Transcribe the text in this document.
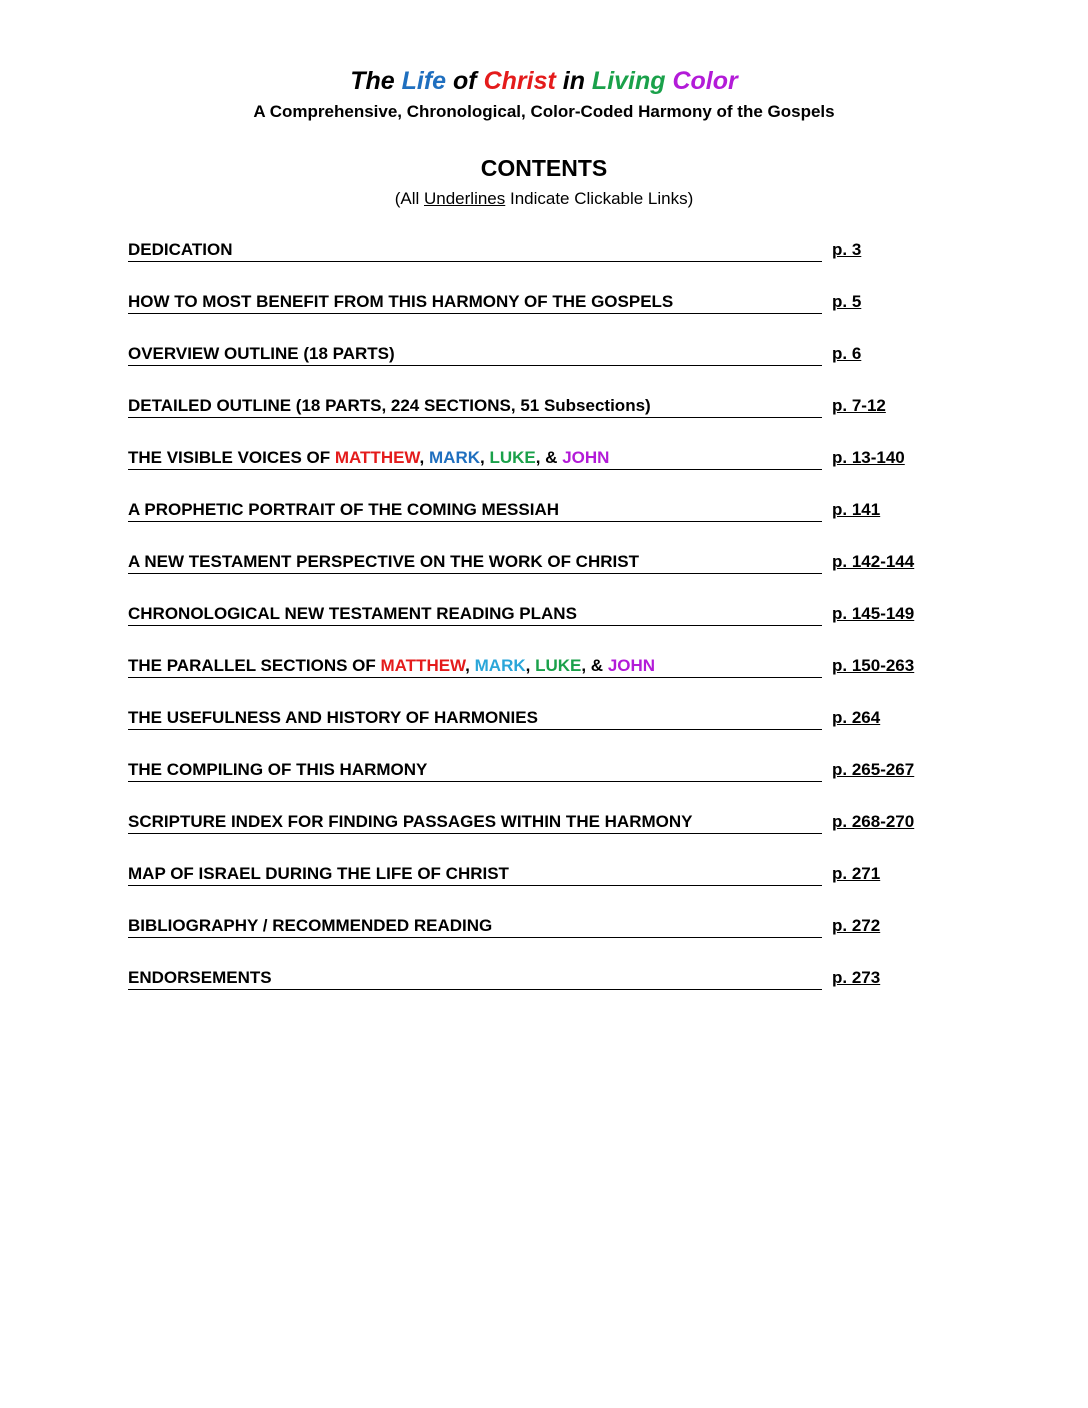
The Life of Christ in Living Color
A Comprehensive, Chronological, Color-Coded Harmony of the Gospels
CONTENTS
(All Underlines Indicate Clickable Links)
DEDICATION	p. 3
HOW TO MOST BENEFIT FROM THIS HARMONY OF THE GOSPELS	p. 5
OVERVIEW OUTLINE (18 PARTS)	p. 6
DETAILED OUTLINE (18 PARTS, 224 SECTIONS, 51 Subsections)	p. 7-12
THE VISIBLE VOICES OF MATTHEW, MARK, LUKE, & JOHN	p. 13-140
A PROPHETIC PORTRAIT OF THE COMING MESSIAH	p. 141
A NEW TESTAMENT PERSPECTIVE ON THE WORK OF CHRIST	p. 142-144
CHRONOLOGICAL NEW TESTAMENT READING PLANS	p. 145-149
THE PARALLEL SECTIONS OF MATTHEW, MARK, LUKE, & JOHN	p. 150-263
THE USEFULNESS AND HISTORY OF HARMONIES	p. 264
THE COMPILING OF THIS HARMONY	p. 265-267
SCRIPTURE INDEX FOR FINDING PASSAGES WITHIN THE HARMONY	p. 268-270
MAP OF ISRAEL DURING THE LIFE OF CHRIST	p. 271
BIBLIOGRAPHY / RECOMMENDED READING	p. 272
ENDORSEMENTS	p. 273
